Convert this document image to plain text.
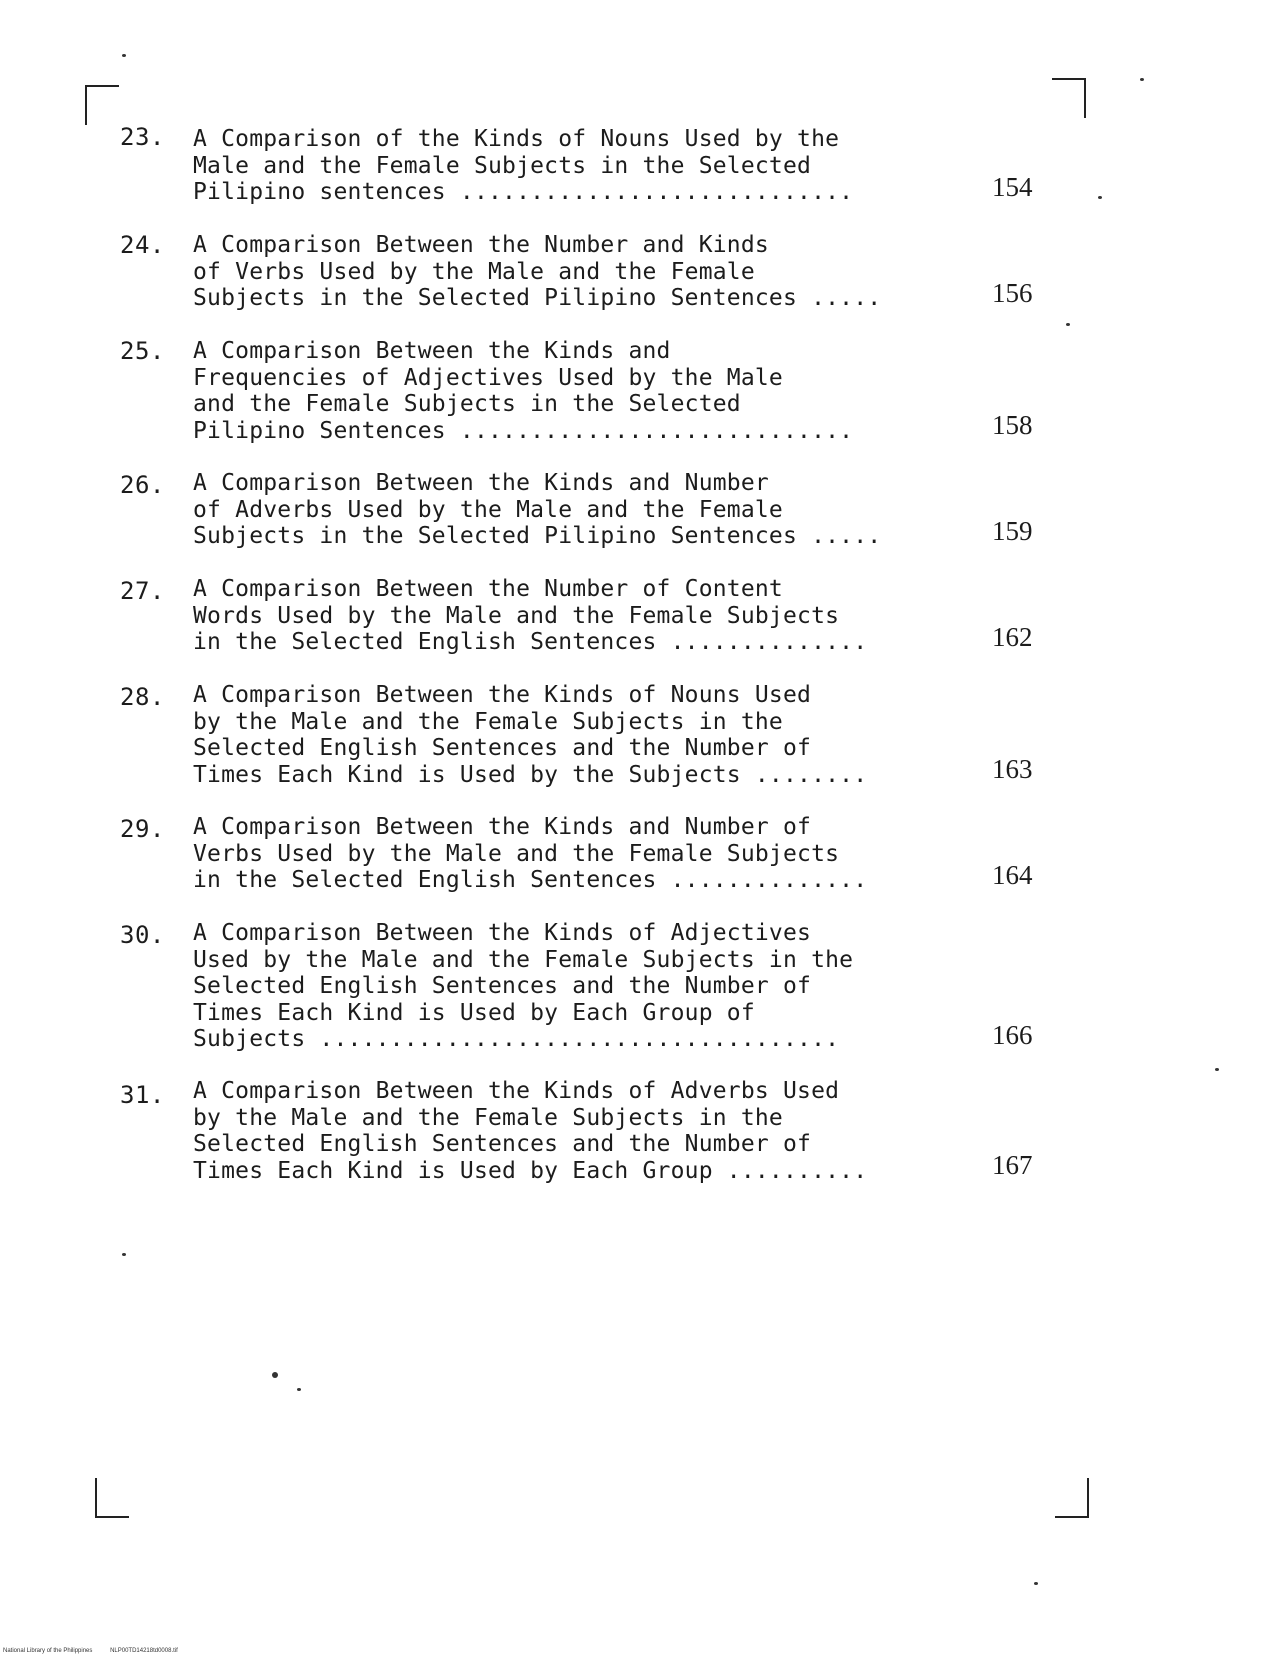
23. A Comparison of the Kinds of Nouns Used by the
Male and the Female Subjects in the Selected
Pilipino sentences ............................	154
24. A Comparison Between the Number and Kinds
of Verbs Used by the Male and the Female
Subjects in the Selected Pilipino Sentences .....	156
25. A Comparison Between the Kinds and
Frequencies of Adjectives Used by the Male
and the Female Subjects in the Selected
Pilipino Sentences ............................	158
26. A Comparison Between the Kinds and Number
of Adverbs Used by the Male and the Female
Subjects in the Selected Pilipino Sentences .....	159
27. A Comparison Between the Number of Content
Words Used by the Male and the Female Subjects
in the Selected English Sentences ..............	162
28. A Comparison Between the Kinds of Nouns Used
by the Male and the Female Subjects in the
Selected English Sentences and the Number of
Times Each Kind is Used by the Subjects ........	163
29. A Comparison Between the Kinds and Number of
Verbs Used by the Male and the Female Subjects
in the Selected English Sentences ..............	164
30. A Comparison Between the Kinds of Adjectives
Used by the Male and the Female Subjects in the
Selected English Sentences and the Number of
Times Each Kind is Used by Each Group of
Subjects .....................................	166
31. A Comparison Between the Kinds of Adverbs Used
by the Male and the Female Subjects in the
Selected English Sentences and the Number of
Times Each Kind is Used by Each Group ..........	167
National Library of the Philippines	NLP00TD14218td0008.tif
